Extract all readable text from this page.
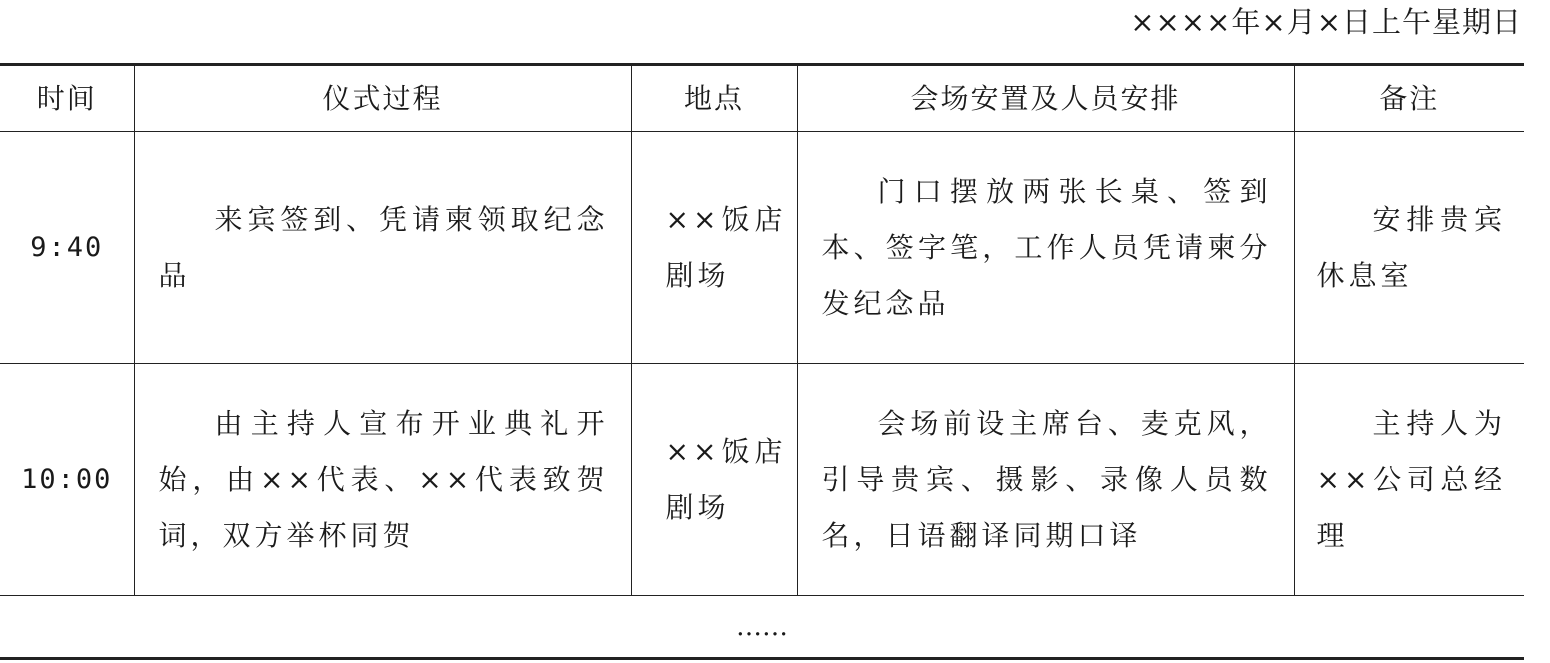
××××年×月×日上午星期日
时间	仪式过程	地点	会场安置及人员安排	备注
9:40	来宾签到、凭请柬领取纪念品	××饭店剧场	门口摆放两张长桌、签到本、签字笔，工作人员凭请柬分发纪念品	安排贵宾休息室

10:00	由主持人宣布开业典礼开始，由××代表、××代表致贺词，双方举杯同贺	××饭店剧场	会场前设主席台、麦克风，引导贵宾、摄影、录像人员数名，日语翻译同期口译	主持人为××公司总经理

……				
